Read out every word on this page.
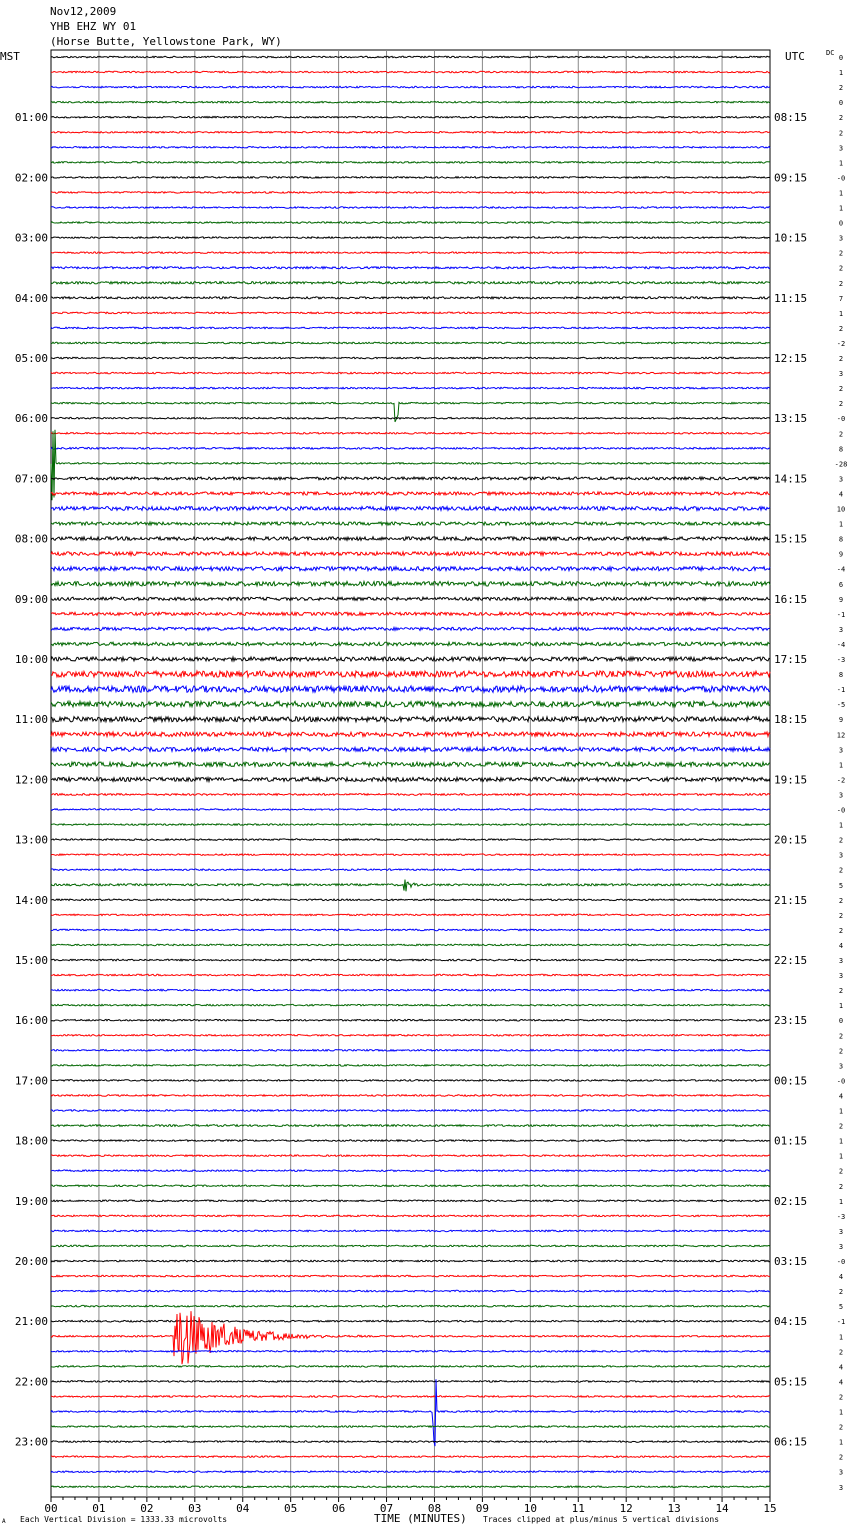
Nov12,2009
YHB EHZ WY 01
(Horse Butte, Yellowstone Park, WY)
0
1
2
0
2
2
3
1
-0
1
1
0
3
2
2
2
7
1
2
-2
2
3
2
2
-0
2
8
-28
3
4
10
1
8
9
-4
6
9
-1
3
-4
-3
8
-1
-5
9
12
3
1
-2
3
-0
1
2
3
2
5
2
2
2
4
3
3
2
1
0
2
2
3
-0
4
1
2
1
1
2
2
1
-3
3
3
-0
4
2
5
-1
1
2
4
4
2
1
2
1
2
3
3
MST	UTC	DC
01:00
02:00
03:00
04:00
05:00
06:00
07:00
08:00
09:00
10:00
11:00
12:00
13:00
14:00
15:00
16:00
17:00
18:00
19:00
20:00
21:00
22:00
23:00
08:15
09:15
10:15
11:15
12:15
13:15
14:15
15:15
16:15
17:15
18:15
19:15
20:15
21:15
22:15
23:15
00:15
01:15
02:15
03:15
04:15
05:15
06:15
00	01	02	03	04	05	06	07	08	09	10	11	12	13	14	15
A Each Vertical Division = 1333.33 microvolts	TIME (MINUTES) Traces clipped at plus/minus 5 vertical divisions
